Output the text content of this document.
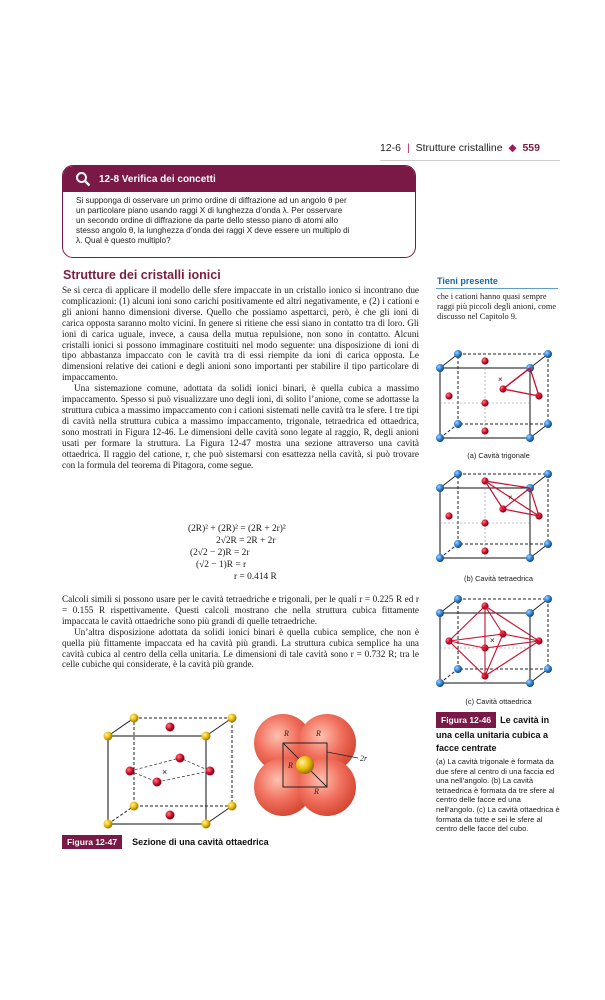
12-6 | Strutture cristalline ◆ 559
12-8 Verifica dei concetti
Si supponga di osservare un primo ordine di diffrazione ad un angolo θ per
un particolare piano usando raggi X di lunghezza d’onda λ. Per osservare
un secondo ordine di diffrazione da parte dello stesso piano di atomi allo
stesso angolo θ, la lunghezza d’onda dei raggi X deve essere un multiplo di
λ. Qual è questo multiplo?
Strutture dei cristalli ionici

Se si cerca di applicare il modello delle sfere impaccate in un cristallo ionico si incontrano due complicazioni: (1) alcuni ioni sono carichi positivamente ed altri negativamente, e (2) i cationi e gli anioni hanno dimensioni diverse. Quello che possiamo aspettarci, però, è che gli ioni di carica opposta saranno molto vicini. In genere si ritiene che essi siano in contatto tra di loro. Gli ioni di carica uguale, invece, a causa della mutua repulsione, non sono in contatto. Alcuni cristalli ionici si possono immaginare costituiti nel modo seguente: una disposizione di ioni di tipo abbastanza impaccato con le cavità tra di essi riempite da ioni di carica opposta. Le dimensioni relative dei cationi e degli anioni sono importanti per stabilire il tipo particolare di impaccamento.

Una sistemazione comune, adottata da solidi ionici binari, è quella cubica a massimo impaccamento. Spesso si può visualizzare uno degli ioni, di solito l’anione, come se adottasse la struttura cubica a massimo impaccamento con i cationi sistemati nelle cavità tra le sfere. I tre tipi di cavità nella struttura cubica a massimo impaccamento, trigonale, tetraedrica ed ottaedrica, sono mostrati in Figura 12-46. Le dimensioni delle cavità sono legate al raggio, R, degli anioni usati per formare la struttura. La Figura 12-47 mostra una sezione attraverso una cavità ottaedrica. Il raggio del catione, r, che può sistemarsi con esattezza nella cavità, si può trovare con la formula del teorema di Pitagora, come segue.

(2R)² + (2R)² = (2R + 2r)²
2√2R = 2R + 2r
(2√2 − 2)R = 2r
(√2 − 1)R = r
r = 0.414 R

Calcoli simili si possono usare per le cavità tetraedriche e trigonali, per le quali r = 0.225 R ed r = 0.155 R rispettivamente. Questi calcoli mostrano che nella struttura cubica fittamente impaccata le cavità ottaedriche sono più grandi di quelle tetraedriche.

Un’altra disposizione adottata da solidi ionici binari è quella cubica semplice, che non è quella più fittamente impaccata ed ha cavità più grandi. La struttura cubica semplice ha una cavità cubica al centro della cella unitaria. Le dimensioni di tale cavità sono r = 0.732 R; tra le celle cubiche qui considerate, è la cavità più grande.

Tieni presente
che i cationi hanno quasi sempre raggi più piccoli degli anioni, come discusso nel Capitolo 9.
×
×
×
(a) Cavità trigonale
(b) Cavità tetraedrica
(c) Cavità ottaedrica
Figura 12-46 Le cavità in una cella unitaria cubica a facce centrate
(a) La cavità trigonale è formata da due sfere al centro di una faccia ed una nell’angolo. (b) La cavità tetraedrica è formata da tre sfere al centro delle facce ed una nell’angolo. (c) La cavità ottaedrica è formata da tutte e sei le sfere al centro delle facce del cubo.
×
R	R
R
R
2r
Figura 12-47 Sezione di una cavità ottaedrica
